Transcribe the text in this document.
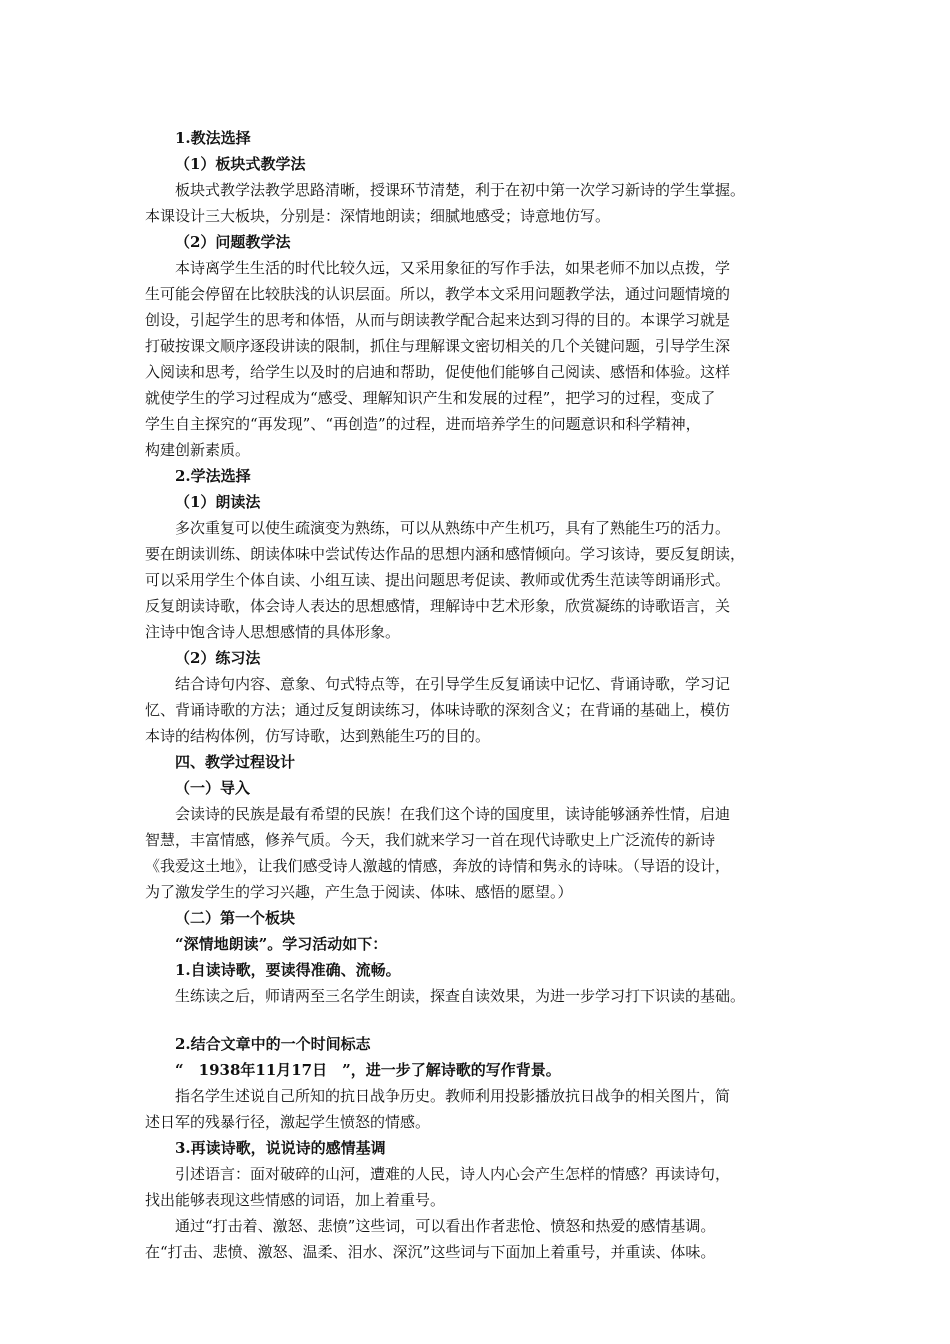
1.教法选择
（1）板块式教学法
板块式教学法教学思路清晰，授课环节清楚，利于在初中第一次学习新诗的学生掌握。
本课设计三大板块，分别是：深情地朗读；细腻地感受；诗意地仿写。
（2）问题教学法
本诗离学生生活的时代比较久远，又采用象征的写作手法，如果老师不加以点拨，学
生可能会停留在比较肤浅的认识层面。所以，教学本文采用问题教学法，通过问题情境的
创设，引起学生的思考和体悟，从而与朗读教学配合起来达到习得的目的。本课学习就是
打破按课文顺序逐段讲读的限制，抓住与理解课文密切相关的几个关键问题，引导学生深
入阅读和思考，给学生以及时的启迪和帮助，促使他们能够自己阅读、感悟和体验。这样
就使学生的学习过程成为“感受、理解知识产生和发展的过程”，把学习的过程，变成了
学生自主探究的“再发现”、“再创造”的过程，进而培养学生的问题意识和科学精神，
构建创新素质。
2.学法选择
（1）朗读法
多次重复可以使生疏演变为熟练，可以从熟练中产生机巧，具有了熟能生巧的活力。
要在朗读训练、朗读体味中尝试传达作品的思想内涵和感情倾向。学习该诗，要反复朗读，
可以采用学生个体自读、小组互读、提出问题思考促读、教师或优秀生范读等朗诵形式。
反复朗读诗歌，体会诗人表达的思想感情，理解诗中艺术形象，欣赏凝练的诗歌语言，关
注诗中饱含诗人思想感情的具体形象。
（2）练习法
结合诗句内容、意象、句式特点等，在引导学生反复诵读中记忆、背诵诗歌，学习记
忆、背诵诗歌的方法；通过反复朗读练习，体味诗歌的深刻含义；在背诵的基础上，模仿
本诗的结构体例，仿写诗歌，达到熟能生巧的目的。
四、教学过程设计
（一）导入
会读诗的民族是最有希望的民族！在我们这个诗的国度里，读诗能够涵养性情，启迪
智慧，丰富情感，修养气质。今天，我们就来学习一首在现代诗歌史上广泛流传的新诗
《我爱这土地》，让我们感受诗人激越的情感，奔放的诗情和隽永的诗味。（导语的设计，
为了激发学生的学习兴趣，产生急于阅读、体味、感悟的愿望。）
（二）第一个板块
“深情地朗读”。学习活动如下：
1.自读诗歌，要读得准确、流畅。
生练读之后，师请两至三名学生朗读，探查自读效果，为进一步学习打下识读的基础。
2.结合文章中的一个时间标志
“　1938年11月17日　”，进一步了解诗歌的写作背景。
指名学生述说自己所知的抗日战争历史。教师利用投影播放抗日战争的相关图片，简
述日军的残暴行径，激起学生愤怒的情感。
3.再读诗歌，说说诗的感情基调
引述语言：面对破碎的山河，遭难的人民，诗人内心会产生怎样的情感？再读诗句，
找出能够表现这些情感的词语，加上着重号。
通过“打击着、激怒、悲愤”这些词，可以看出作者悲怆、愤怒和热爱的感情基调。
在“打击、悲愤、激怒、温柔、泪水、深沉”这些词与下面加上着重号，并重读、体味。
